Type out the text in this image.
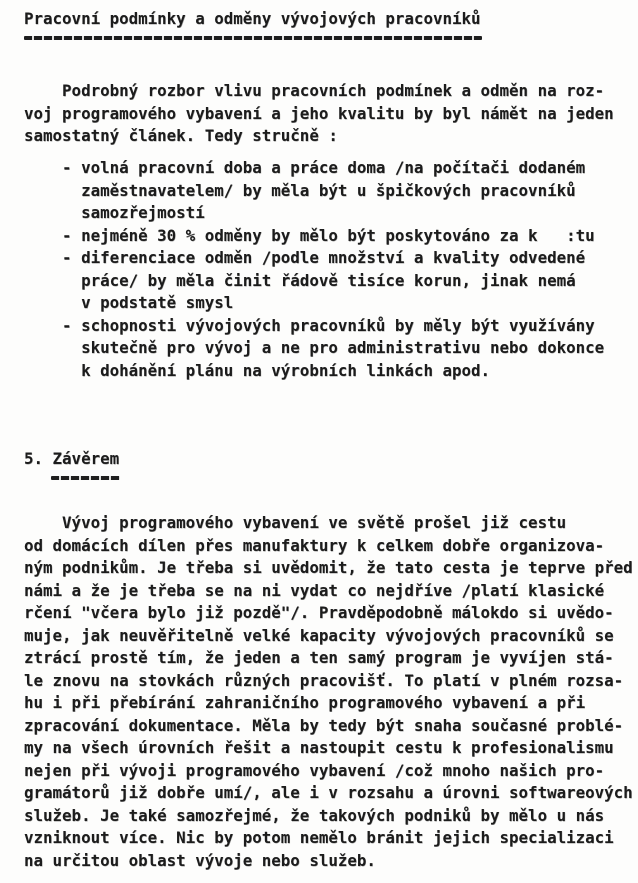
Pracovní podmínky a odměny vývojových pracovníků
Podrobný rozbor vlivu pracovních podmínek a odměn na roz-
voj programového vybavení a jeho kvalitu by byl námět na jeden
samostatný článek. Tedy stručně :
- volná pracovní doba a práce doma /na počítači dodaném
zaměstnavatelem/ by měla být u špičkových pracovníků
samozřejmostí
- nejméně 30 % odměny by mělo být poskytováno za k   :tu
- diferenciace odměn /podle množství a kvality odvedené
práce/ by měla činit řádově tisíce korun, jinak nemá
v podstatě smysl
- schopnosti vývojových pracovníků by měly být využívány
skutečně pro vývoj a ne pro administrativu nebo dokonce
k dohánění plánu na výrobních linkách apod.
5. Závěrem
Vývoj programového vybavení ve světě prošel již cestu
od domácích dílen přes manufaktury k celkem dobře organizova-
ným podnikům. Je třeba si uvědomit, že tato cesta je teprve před
námi a že je třeba se na ni vydat co nejdříve /platí klasické
rčení "včera bylo již pozdě"/. Pravděpodobně málokdo si uvědo-
muje, jak neuvěřitelně velké kapacity vývojových pracovníků se
ztrácí prostě tím, že jeden a ten samý program je vyvíjen stá-
le znovu na stovkách různých pracovišť. To platí v plném rozsa-
hu i při přebírání zahraničního programového vybavení a při
zpracování dokumentace. Měla by tedy být snaha současné problé-
my na všech úrovních řešit a nastoupit cestu k profesionalismu
nejen při vývoji programového vybavení /což mnoho našich pro-
gramátorů již dobře umí/, ale i v rozsahu a úrovni softwareových
služeb. Je také samozřejmé, že takových podniků by mělo u nás
vzniknout více. Nic by potom nemělo bránit jejich specializaci
na určitou oblast vývoje nebo služeb.
